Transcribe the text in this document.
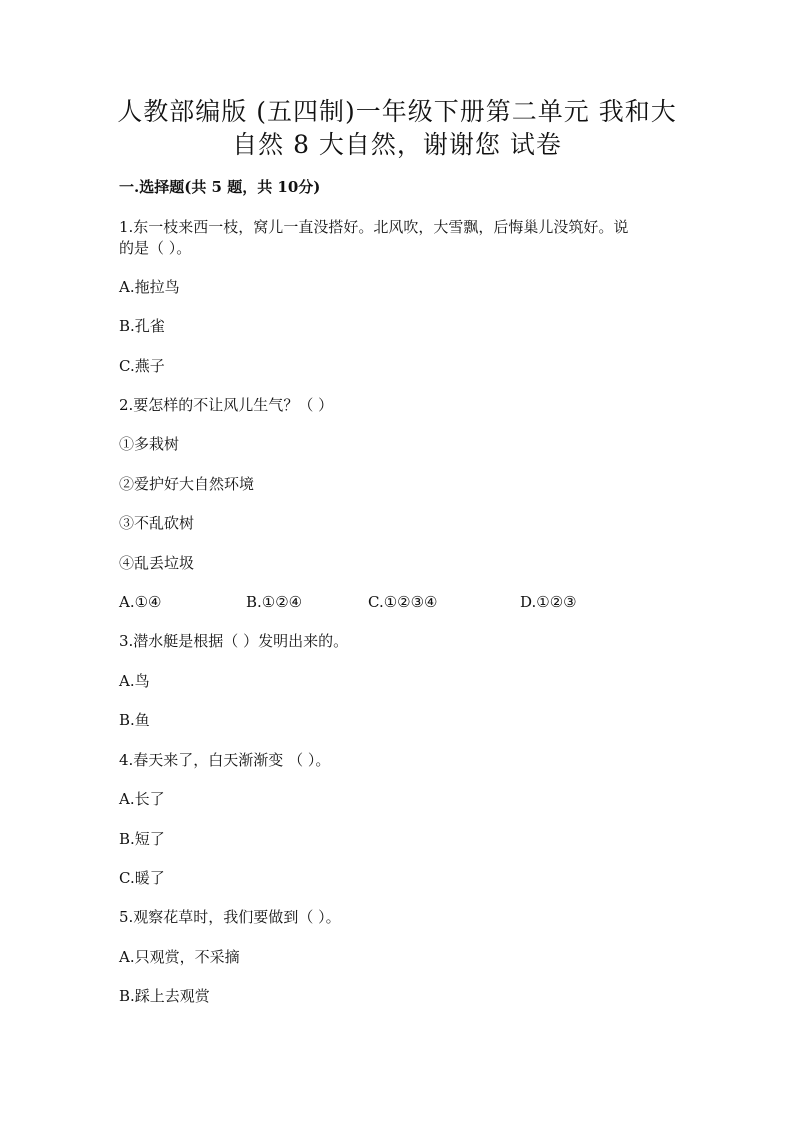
人教部编版 (五四制)一年级下册第二单元 我和大
自然 8 大自然，谢谢您 试卷
一.选择题(共 5 题，共 10分)
1.东一枝来西一枝，窝儿一直没搭好。北风吹，大雪飘，后悔巢儿没筑好。说
的是（ ）。
A.拖拉鸟
B.孔雀
C.燕子
2.要怎样的不让风儿生气？（ ）
①多栽树
②爱护好大自然环境
③不乱砍树
④乱丢垃圾
A.①④	B.①②④	C.①②③④	D.①②③
3.潜水艇是根据（ ）发明出来的。
A.鸟
B.鱼
4.春天来了，白天渐渐变 （ ）。
A.长了
B.短了
C.暖了
5.观察花草时，我们要做到（ ）。
A.只观赏，不采摘
B.踩上去观赏
